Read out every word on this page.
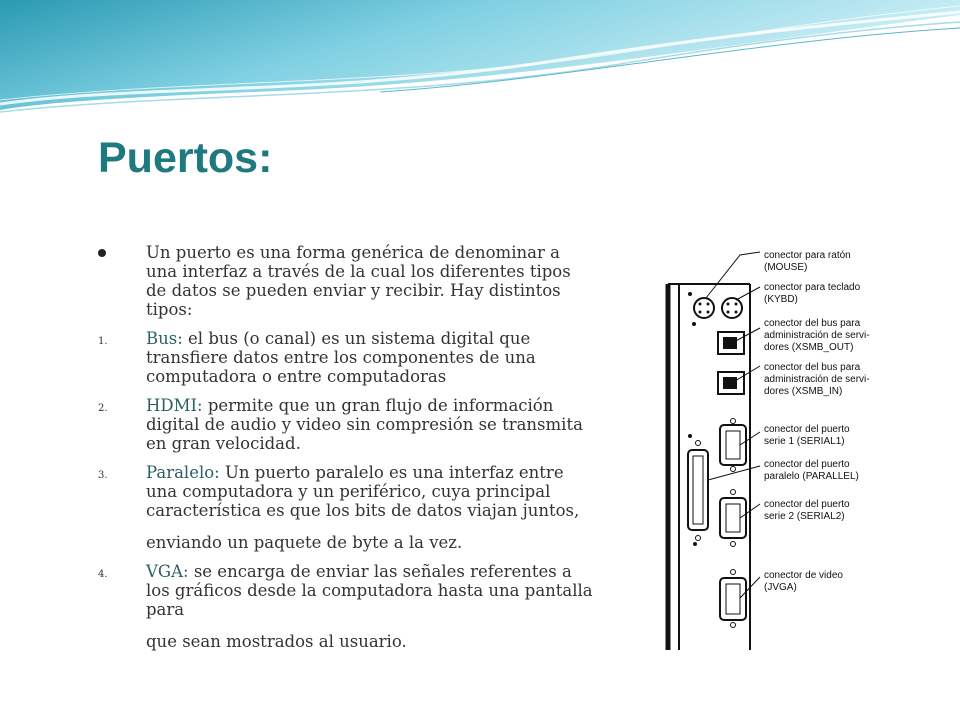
Puertos:
Un puerto es una forma genérica de denominar a una interfaz a través de la cual los diferentes tipos de datos se pueden enviar y recibir. Hay distintos tipos:
1. Bus: el bus (o canal) es un sistema digital que transfiere datos entre los componentes de una computadora o entre computadoras
2. HDMI: permite que un gran flujo de información digital de audio y video sin compresión se transmita en gran velocidad.
3. Paralelo: Un puerto paralelo es una interfaz entre una computadora y un periférico, cuya principal característica es que los bits de datos viajan juntos,
enviando un paquete de byte a la vez.
4. VGA: se encarga de enviar las señales referentes a los gráficos desde la computadora hasta una pantalla para
que sean mostrados al usuario.
conector para ratón
(MOUSE)
conector para teclado
(KYBD)
conector del bus para
administración de servi-
dores (XSMB_OUT)
conector del bus para
administración de servi-
dores (XSMB_IN)
conector del puerto
serie 1 (SERIAL1)
conector del puerto
paralelo (PARALLEL)
conector del puerto
serie 2 (SERIAL2)
conector de video
(JVGA)
